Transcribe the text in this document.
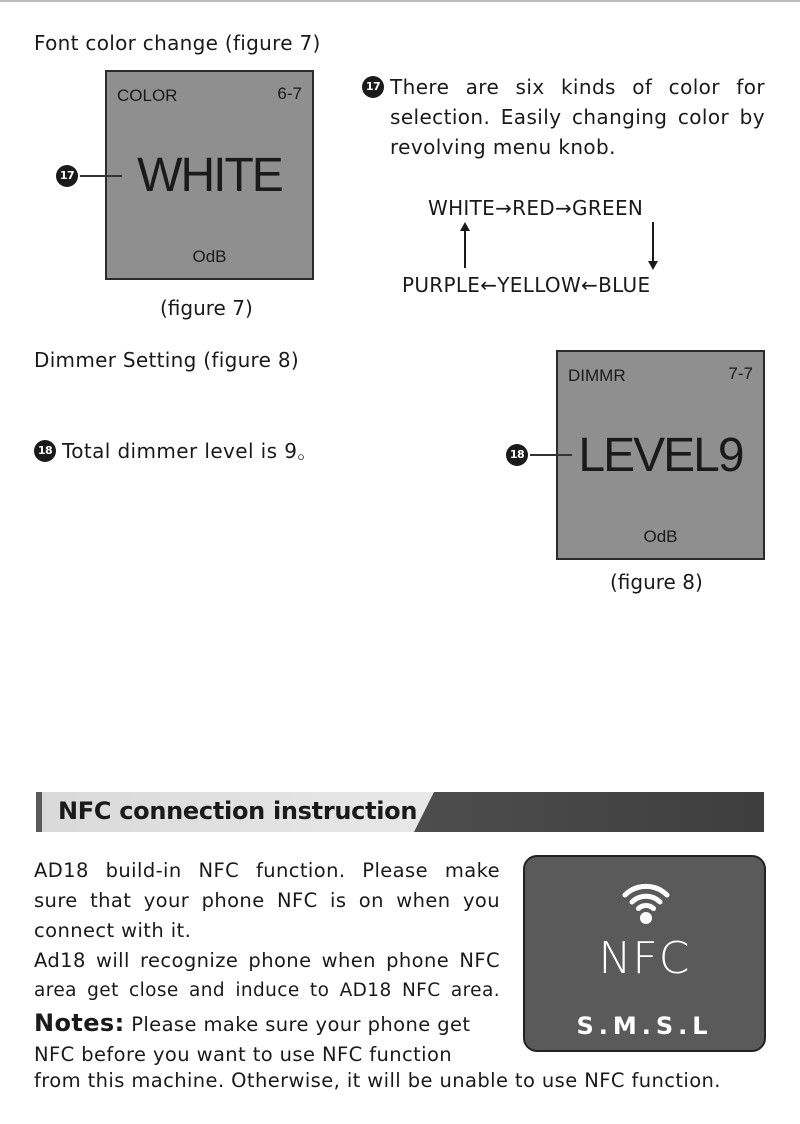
Font color change (figure 7)
COLOR	6-7
WHITE
OdB
17
(figure 7)
17 There are six kinds of color for
selection. Easily changing color by
revolving menu knob.
WHITE→RED→GREEN
PURPLE←YELLOW←BLUE
Dimmer Setting (figure 8)
18 Total dimmer level is 9。
DIMMR	7-7
LEVEL9
OdB
18
(figure 8)
NFC connection instruction
AD18 build-in NFC function. Please make
sure that your phone NFC is on when you
connect with it.
Ad18 will recognize phone when phone NFC
area get close and induce to AD18 NFC area.
Notes: Please make sure your phone get
NFC before you want to use NFC function
from this machine. Otherwise, it will be unable to use NFC function.
NFC
S.M.S.L
